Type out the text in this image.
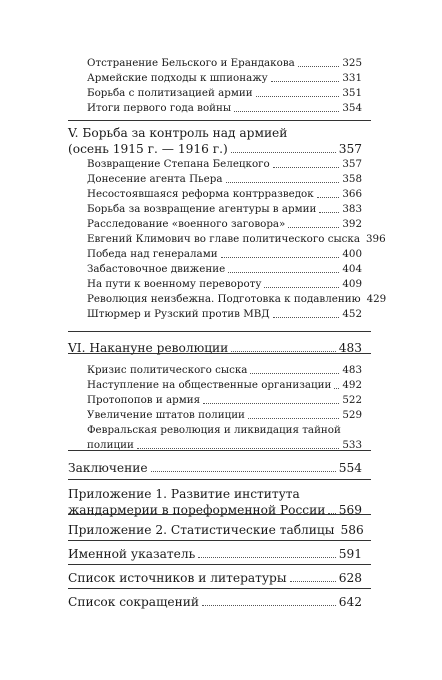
Отстранение Бельского и Ерандакова	325
Армейские подходы к шпионажу	331
Борьба с политизацией армии	351
Итоги первого года войны	354
V. Борьба за контроль над армией
(осень 1915 г. — 1916 г.)	357
Возвращение Степана Белецкого	357
Донесение агента Пьера	358
Несостоявшаяся реформа контрразведок	366
Борьба за возвращение агентуры в армии	383
Расследование «военного заговора»	392
Евгений Климович во главе политического сыска 396
Победа над генералами	400
Забастовочное движение	404
На пути к военному перевороту	409
Революция неизбежна. Подготовка к подавлению 429
Штюрмер и Рузский против МВД	452
VI. Накануне революции	483
Кризис политического сыска	483
Наступление на общественные организации 492
Протопопов и армия	522
Увеличение штатов полиции	529
Февральская революция и ликвидация тайной
полиции	533
Заключение	554
Приложение 1. Развитие института
жандармерии в пореформенной России 569
Приложение 2. Статистические таблицы 586
Именной указатель	591
Список источников и литературы	628
Список сокращений	642
